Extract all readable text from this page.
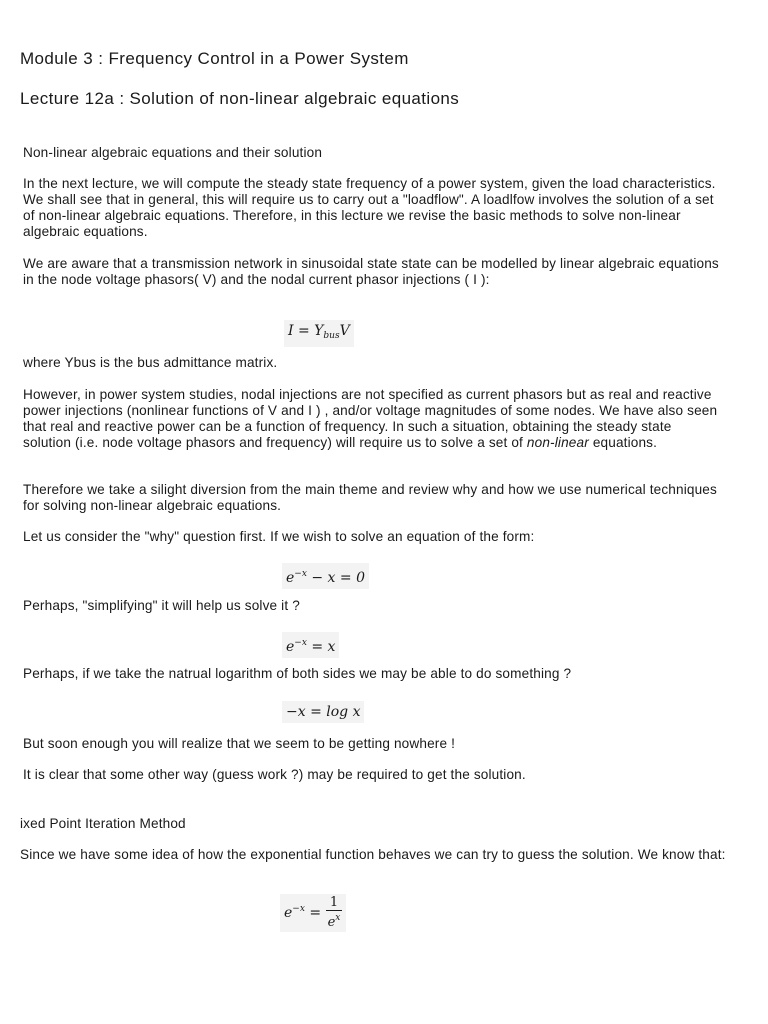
Module 3 : Frequency Control in a Power System
Lecture 12a : Solution of non-linear algebraic equations

Non-linear algebraic equations and their solution

In the next lecture, we will compute the steady state frequency of a power system, given the load characteristics. We shall see that in general, this will require us to carry out a "loadflow". A loadlfow involves the solution of a set of non-linear algebraic equations. Therefore, in this lecture we revise the basic methods to solve non-linear algebraic equations.

We are aware that a transmission network in sinusoidal state state can be modelled by linear algebraic equations in the node voltage phasors( V) and the nodal current phasor injections ( I ):

$I = Y_{bus}V$

where Ybus is the bus admittance matrix.

However, in power system studies, nodal injections are not specified as current phasors but as real and reactive power injections (nonlinear functions of V and I ) , and/or voltage magnitudes of some nodes. We have also seen that real and reactive power can be a function of frequency. In such a situation, obtaining the steady state solution (i.e. node voltage phasors and frequency) will require us to solve a set of non-linear equations.

Therefore we take a silight diversion from the main theme and review why and how we use numerical techniques for solving non-linear algebraic equations.

Let us consider the "why" question first. If we wish to solve an equation of the form:

$e^{-x} - x = 0$

Perhaps, "simplifying" it will help us solve it ?

$e^{-x} = x$

Perhaps, if we take the natrual logarithm of both sides we may be able to do something ?

−x = log x

But soon enough you will realize that we seem to be getting nowhere !

It is clear that some other way (guess work ?) may be required to get the solution.

ixed Point Iteration Method

Since we have some idea of how the exponential function behaves we can try to guess the solution. We know that:

$e^{-x} = \frac{1}{e^x}$
